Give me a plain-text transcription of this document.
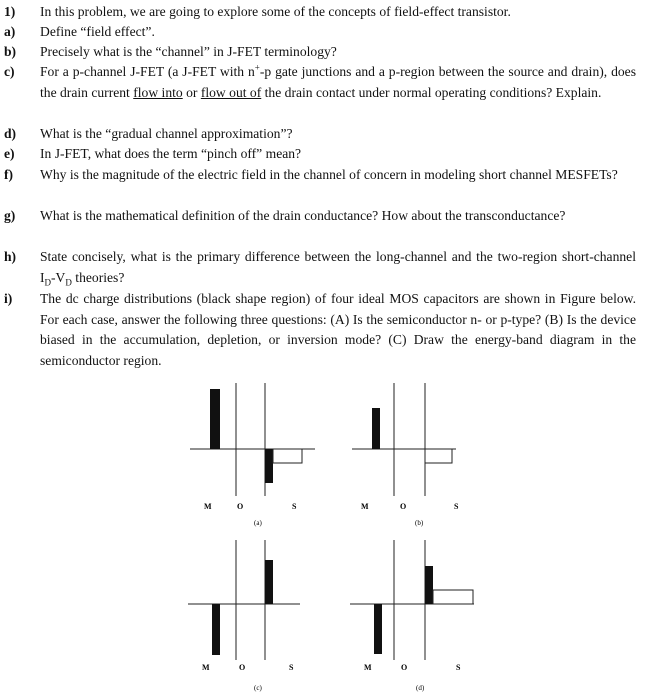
1) In this problem, we are going to explore some of the concepts of field-effect transistor.
a) Define “field effect”.
b) Precisely what is the “channel” in J-FET terminology?
c) For a p-channel J-FET (a J-FET with n+-p gate junctions and a p-region between the source and drain), does the drain current flow into or flow out of the drain contact under normal operating conditions? Explain.
d) What is the “gradual channel approximation”?
e) In J-FET, what does the term “pinch off” mean?
f) Why is the magnitude of the electric field in the channel of concern in modeling short channel MESFETs?
g) What is the mathematical definition of the drain conductance? How about the transconductance?
h) State concisely, what is the primary difference between the long-channel and the two-region short-channel $I_D-V_D$ theories?
i) The dc charge distributions (black shape region) of four ideal MOS capacitors are shown in Figure below. For each case, answer the following three questions: (A) Is the semiconductor n- or p-type? (B) Is the device biased in the accumulation, depletion, or inversion mode? (C) Draw the energy-band diagram in the semiconductor region.
M	O	S
(a)
M	O	S
(b)
M	O	S
(c)
M	O	S
(d)
